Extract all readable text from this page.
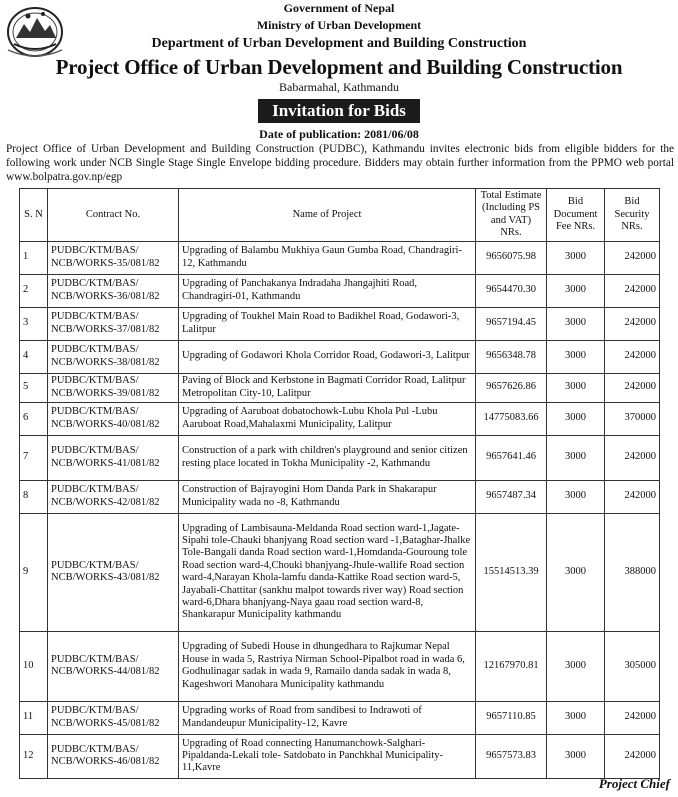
Government of Nepal
Ministry of Urban Development
Department of Urban Development and Building Construction
Project Office of Urban Development and Building Construction
Babarmahal, Kathmandu
Invitation for Bids
Date of publication: 2081/06/08
Project Office of Urban Development and Building Construction (PUDBC), Kathmandu invites electronic bids from eligible bidders for the following work under NCB Single Stage Single Envelope bidding procedure. Bidders may obtain further information from the PPMO web portal www.bolpatra.gov.np/egp
S. N	Contract No.	Name of Project	Total Estimate (Including PS and VAT) NRs.	Bid Document Fee NRs.	Bid Security NRs.
1	PUDBC/KTM/BAS/ NCB/WORKS-35/081/82	Upgrading of Balambu Mukhiya Gaun Gumba Road, Chandragiri-12, Kathmandu	9656075.98	3000	242000
2	PUDBC/KTM/BAS/ NCB/WORKS-36/081/82	Upgrading of Panchakanya Indradaha Jhangajhiti Road, Chandragiri-01, Kathmandu	9654470.30	3000	242000
3	PUDBC/KTM/BAS/ NCB/WORKS-37/081/82	Upgrading of Toukhel Main Road to Badikhel Road, Godawori-3, Lalitpur	9657194.45	3000	242000
4	PUDBC/KTM/BAS/ NCB/WORKS-38/081/82	Upgrading of Godawori Khola Corridor Road, Godawori-3, Lalitpur	9656348.78	3000	242000
5	PUDBC/KTM/BAS/ NCB/WORKS-39/081/82	Paving of Block and Kerbstone in Bagmati Corridor Road, Lalitpur Metropolitan City-10, Lalitpur	9657626.86	3000	242000
6	PUDBC/KTM/BAS/ NCB/WORKS-40/081/82	Upgrading of Aaruboat dobatochowk-Lubu Khola Pul -Lubu Aaruboat Road,Mahalaxmi Municipality, Lalitpur	14775083.66	3000	370000
7	PUDBC/KTM/BAS/ NCB/WORKS-41/081/82	Construction of a park with children's playground and senior citizen resting place located in Tokha Municipality -2, Kathmandu	9657641.46	3000	242000
8	PUDBC/KTM/BAS/ NCB/WORKS-42/081/82	Construction of Bajrayogini Hom Danda Park in Shakarapur Municipality wada no -8, Kathmandu	9657487.34	3000	242000
9	PUDBC/KTM/BAS/ NCB/WORKS-43/081/82	Upgrading of Lambisauna-Meldanda Road section ward-1,Jagate-Sipahi tole-Chauki bhanjyang Road section ward -1,Bataghar-Jhalke Tole-Bangali danda Road section ward-1,Homdanda-Gouroung tole Road section ward-4,Chouki bhanjyang-Jhule-wallife Road section ward-4,Narayan Khola-lamfu danda-Kattike Road section ward-5, Jayabali-Chattitar (sankhu malpot towards river way) Road section ward-6,Dhara bhanjyang-Naya gaau road section ward-8, Shankarapur Municipality kathmandu	15514513.39	3000	388000
10	PUDBC/KTM/BAS/ NCB/WORKS-44/081/82	Upgrading of Subedi House in dhungedhara to Rajkumar Nepal House in wada 5, Rastriya Nirman School-Pipalbot road in wada 6, Godhulinagar sadak in wada 9, Ramailo danda sadak in wada 8, Kageshwori Manohara Municipality kathmandu	12167970.81	3000	305000
11	PUDBC/KTM/BAS/ NCB/WORKS-45/081/82	Upgrading works of Road from sandibesi to Indrawoti of Mandandeupur Municipality-12, Kavre	9657110.85	3000	242000
12	PUDBC/KTM/BAS/ NCB/WORKS-46/081/82	Upgrading of Road connecting Hanumanchowk-Salghari-Pipaldanda-Lekali tole- Satdobato in Panchkhal Municipality-11,Kavre	9657573.83	3000	242000
Project Chief
